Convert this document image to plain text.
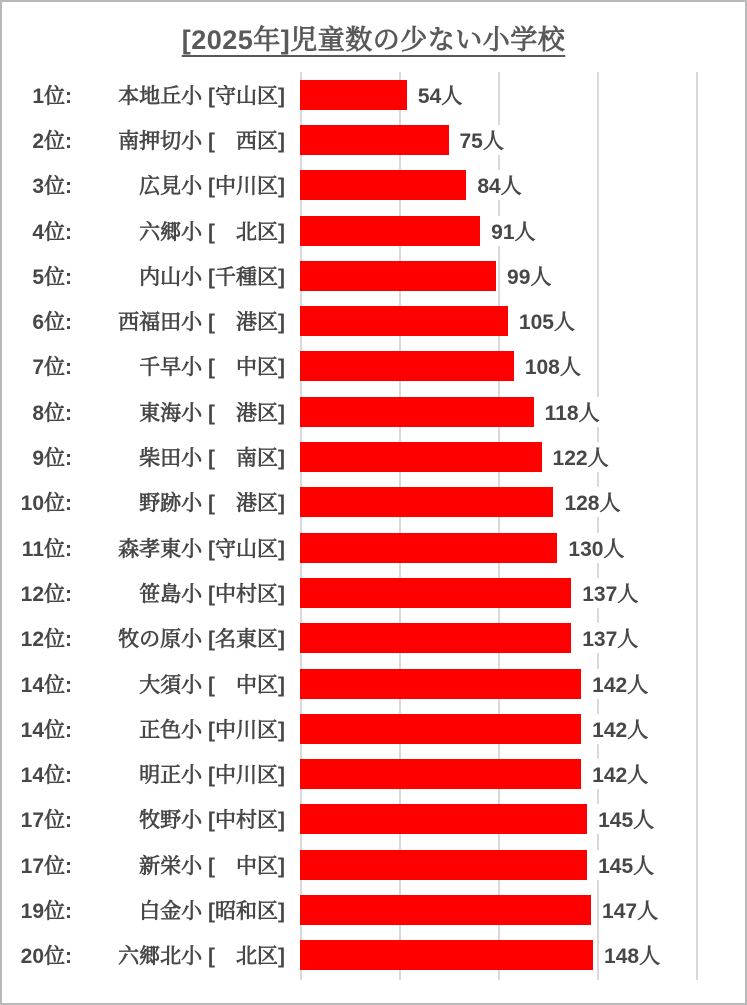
[2025年]児童数の少ない小学校
1位:	本地丘小 [守山区]	54人
2位:	南押切小 [　西区]	75人
3位:	広見小 [中川区]	84人
4位:	六郷小 [　北区]	91人
5位:	内山小 [千種区]	99人
6位:	西福田小 [　港区]	105人
7位:	千早小 [　中区]	108人
8位:	東海小 [　港区]	118人
9位:	柴田小 [　南区]	122人
10位:	野跡小 [　港区]	128人
11位:	森孝東小 [守山区]	130人
12位:	笹島小 [中村区]	137人
12位:	牧の原小 [名東区]	137人
14位:	大須小 [　中区]	142人
14位:	正色小 [中川区]	142人
14位:	明正小 [中川区]	142人
17位:	牧野小 [中村区]	145人
17位:	新栄小 [　中区]	145人
19位:	白金小 [昭和区]	147人
20位:	六郷北小 [　北区]	148人
